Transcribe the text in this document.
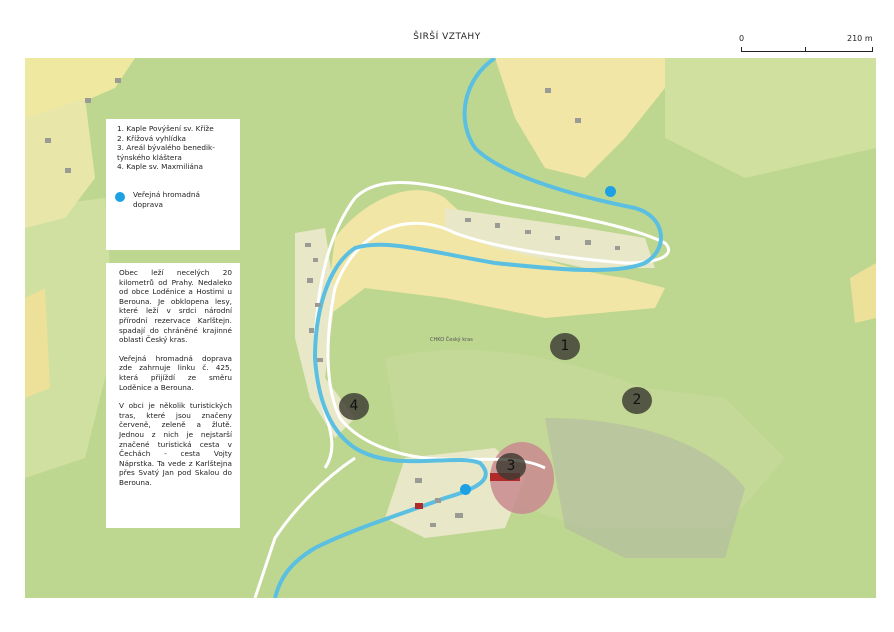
ŠIRŠÍ VZTAHY	0	210 m
CHKO Český kras	1
2
3
4
1. Kaple Povýšení sv. Kříže
2. Křížová vyhlídka
3. Areál bývalého benedik-
týnského kláštera
4. Kaple sv. Maxmiliána
Veřejná hromadná
doprava

Obec leží necelých 20 kilometrů od Prahy. Nedaleko od obce Loděnice a Hostimi u Berouna. Je obklopena lesy, které leží v srdci národní přírodní rezervace Karlštejn. spadají do chráněné krajinné oblasti Český kras.

Veřejná hromadná doprava zde zahrnuje linku č. 425, která přijíždí ze směru Loděnice a Berouna.

V obci je několik turistických tras, které jsou značeny červeně, zeleně a žlutě. Jednou z nich je nejstarší značené turistická cesta v Čechách - cesta Vojty Náprstka. Ta vede z Karlštejna přes Svatý Jan pod Skalou do Berouna.
